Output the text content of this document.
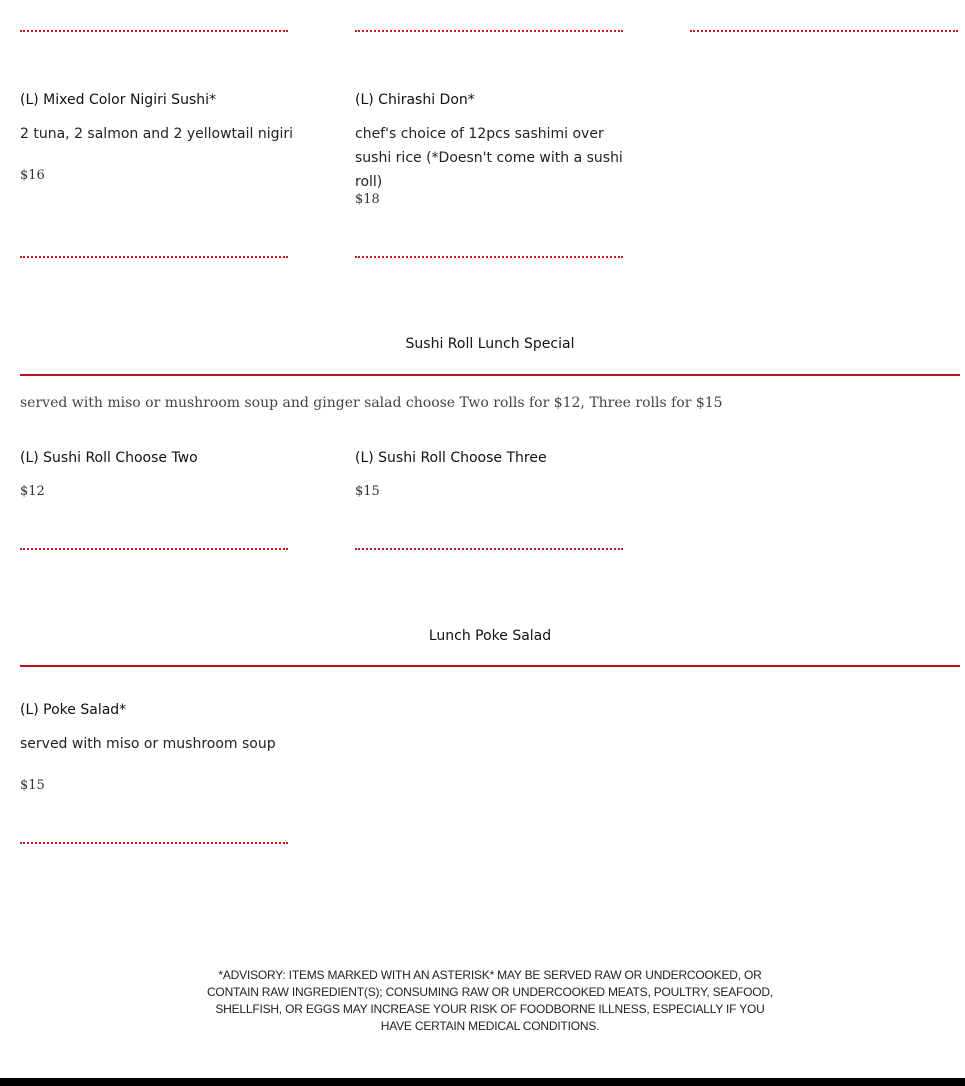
(L) Mixed Color Nigiri Sushi*
2 tuna, 2 salmon and 2 yellowtail nigiri
$16
(L) Chirashi Don*
chef's choice of 12pcs sashimi over sushi rice (*Doesn't come with a sushi roll)
$18
Sushi Roll Lunch Special
served with miso or mushroom soup and ginger salad choose Two rolls for $12, Three rolls for $15
(L) Sushi Roll Choose Two
$12
(L) Sushi Roll Choose Three
$15
Lunch Poke Salad
(L) Poke Salad*
served with miso or mushroom soup
$15
*ADVISORY: ITEMS MARKED WITH AN ASTERISK* MAY BE SERVED RAW OR UNDERCOOKED, OR CONTAIN RAW INGREDIENT(S); CONSUMING RAW OR UNDERCOOKED MEATS, POULTRY, SEAFOOD, SHELLFISH, OR EGGS MAY INCREASE YOUR RISK OF FOODBORNE ILLNESS, ESPECIALLY IF YOU HAVE CERTAIN MEDICAL CONDITIONS.
